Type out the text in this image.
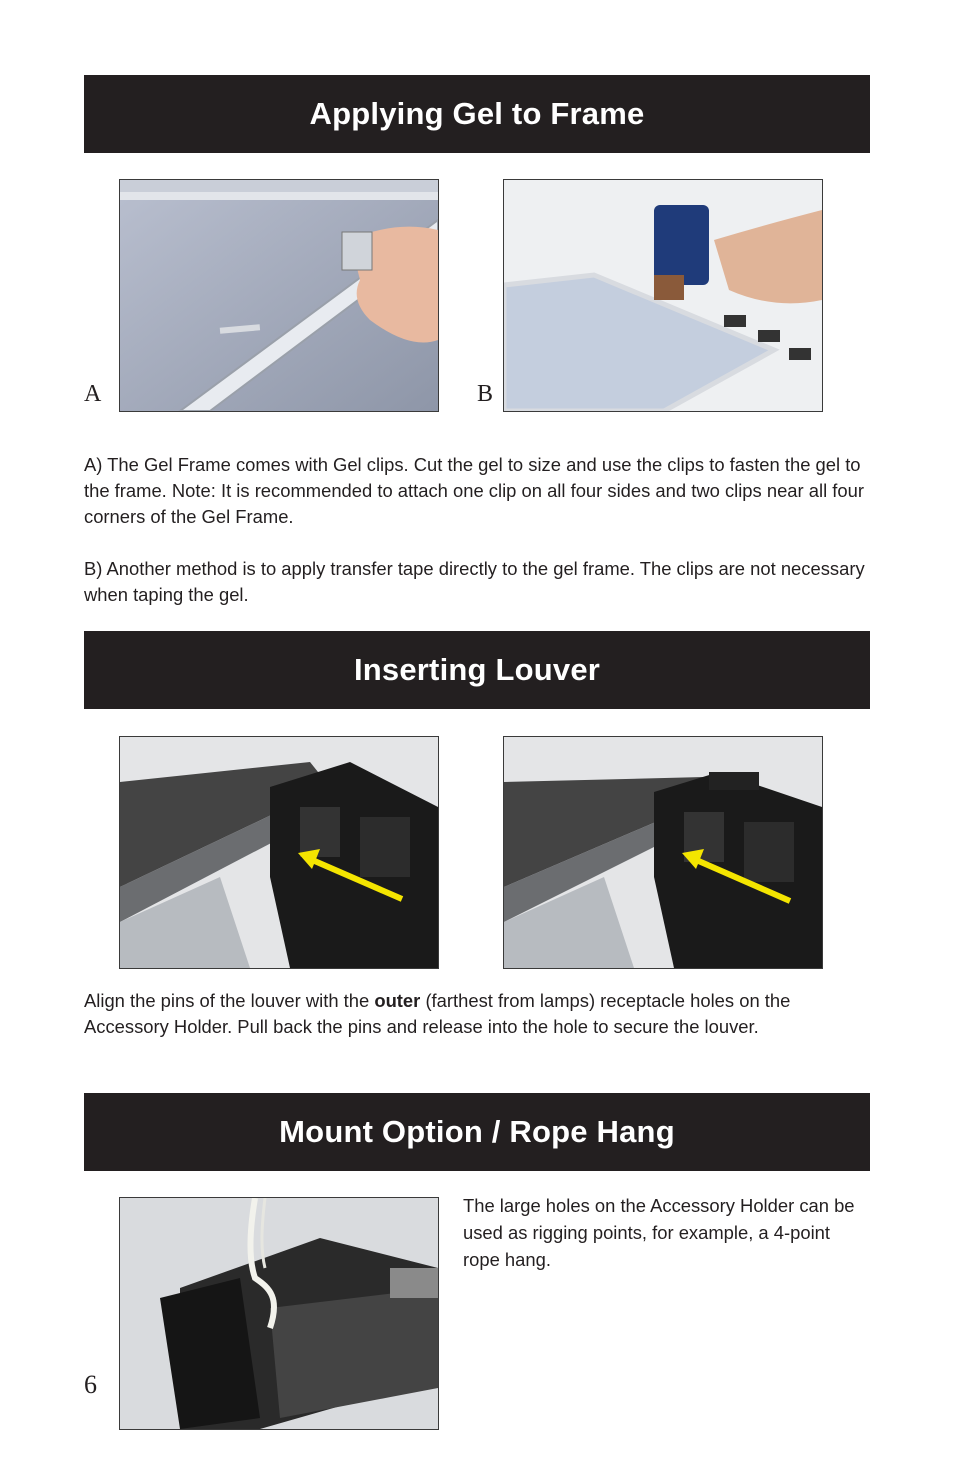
Applying Gel to Frame
A	B

A) The Gel Frame comes with Gel clips. Cut the gel to size and use the clips to fasten the gel to the frame. Note: It is recommended to attach one clip on all four sides and two clips near all four corners of the Gel Frame.

B) Another method is to apply transfer tape directly to the gel frame. The clips are not necessary when taping the gel.

Inserting Louver

Align the pins of the louver with the outer (farthest from lamps) receptacle holes on the Accessory Holder. Pull back the pins and release into the hole to secure the louver.

Mount Option / Rope Hang

The large holes on the Accessory Holder can be used as rigging points, for example, a 4-point rope hang.

6
